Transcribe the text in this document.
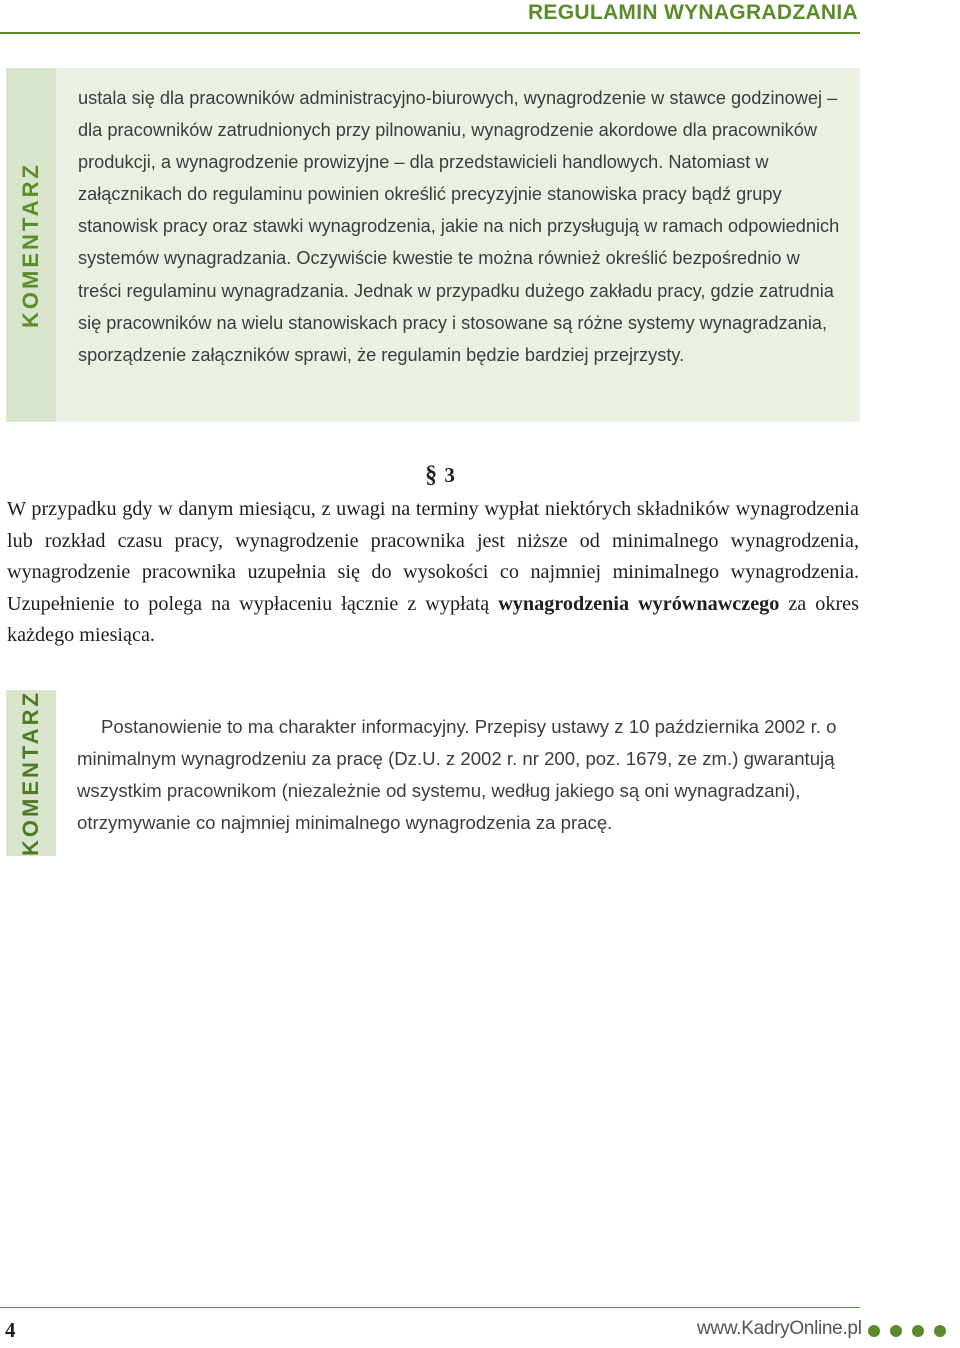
REGULAMIN WYNAGRADZANIA
KOMENTARZ

ustala się dla pracowników administracyjno-biurowych, wynagrodzenie w stawce godzinowej – dla pracowników zatrudnionych przy pilnowaniu, wynagrodzenie akordowe dla pracowników produkcji, a wynagrodzenie prowizyjne – dla przedstawicieli handlowych. Natomiast w załącznikach do regulaminu powinien określić precyzyjnie stanowiska pracy bądź grupy stanowisk pracy oraz stawki wynagrodzenia, jakie na nich przysługują w ramach odpowiednich systemów wynagradzania. Oczywiście kwestie te można również określić bezpośrednio w treści regulaminu wynagradzania. Jednak w przypadku dużego zakładu pracy, gdzie zatrudnia się pracowników na wielu stanowiskach pracy i stosowane są różne systemy wynagradzania, sporządzenie załączników sprawi, że regulamin będzie bardziej przejrzysty.

§ 3

W przypadku gdy w danym miesiącu, z uwagi na terminy wypłat niektórych składników wynagrodzenia lub rozkład czasu pracy, wynagrodzenie pracownika jest niższe od minimalnego wynagrodzenia, wynagrodzenie pracownika uzupełnia się do wysokości co najmniej minimalnego wynagrodzenia. Uzupełnienie to polega na wypłaceniu łącznie z wypłatą wynagrodzenia wyrównawczego za okres każdego miesiąca.

KOMENTARZ	Postanowienie to ma charakter informacyjny. Przepisy ustawy z 10 października 2002 r. o minimalnym wynagrodzeniu za pracę (Dz.U. z 2002 r. nr 200, poz. 1679, ze zm.) gwarantują wszystkim pracownikom (niezależnie od systemu, według jakiego są oni wynagradzani), otrzymywanie co najmniej minimalnego wynagrodzenia za pracę.

4	www.KadryOnline.pl
